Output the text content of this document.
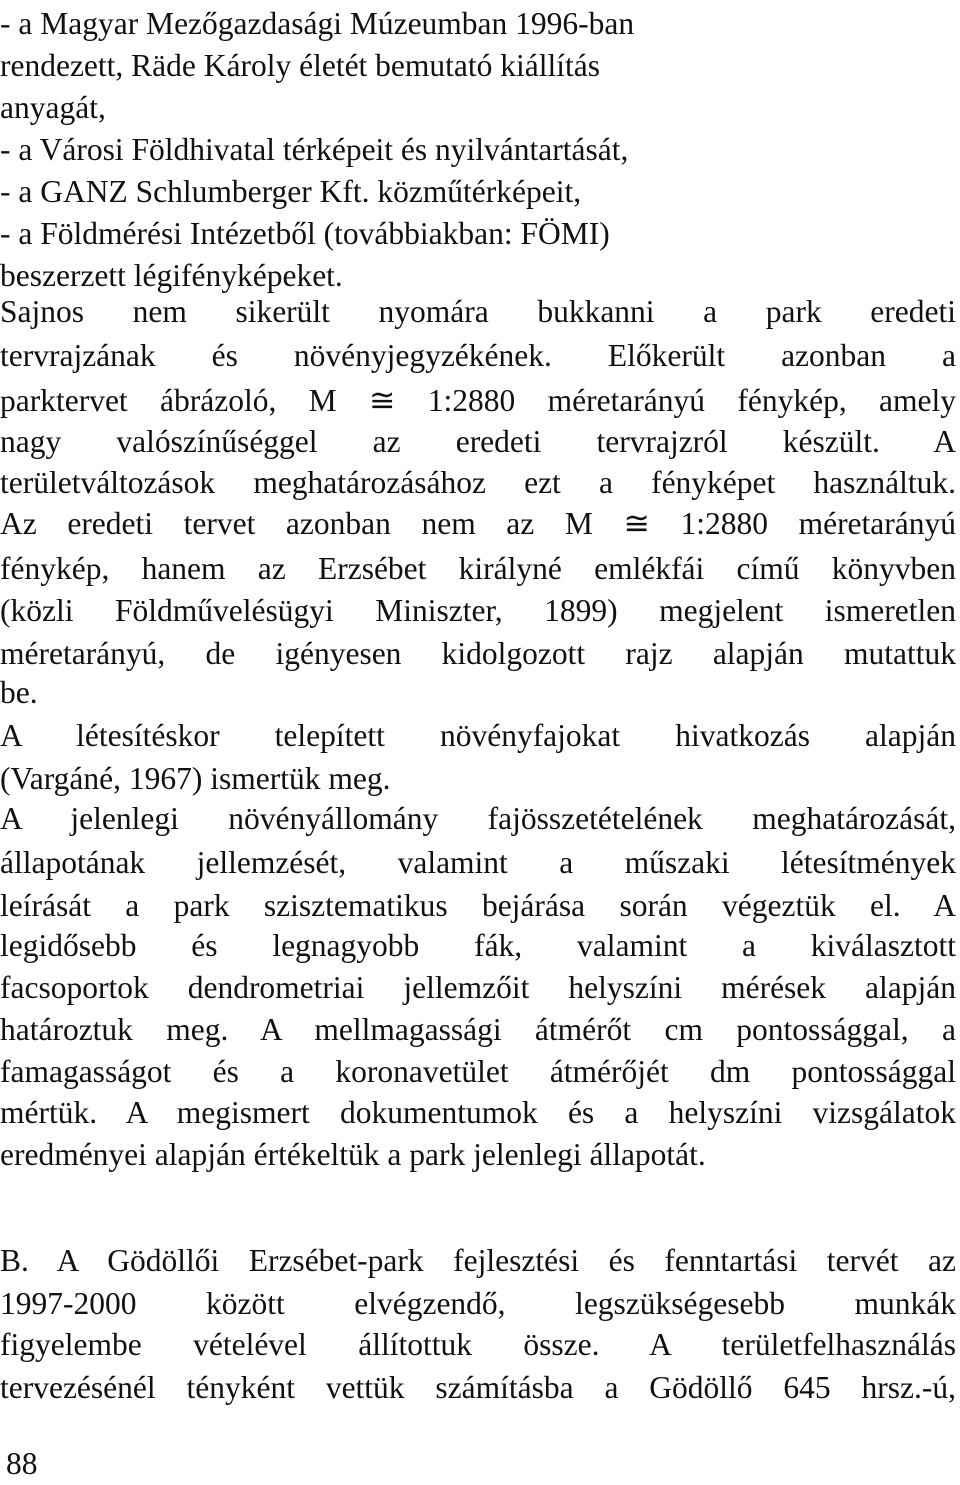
- a Magyar Mezőgazdasági Múzeumban 1996-ban
rendezett, Räde Károly életét bemutató kiállítás
anyagát,
- a Városi Földhivatal térképeit és nyilvántartását,
- a GANZ Schlumberger Kft. közműtérképeit,
- a Földmérési Intézetből (továbbiakban: FÖMI)
beszerzett légifényképeket.
Sajnos nem sikerült nyomára bukkanni a park eredeti
tervrajzának és növényjegyzékének. Előkerült azonban a
parktervet ábrázoló, M ≅ 1:2880 méretarányú fénykép, amely
nagy valószínűséggel az eredeti tervrajzról készült. A
területváltozások meghatározásához ezt a fényképet használtuk.
Az eredeti tervet azonban nem az M ≅ 1:2880 méretarányú
fénykép, hanem az Erzsébet királyné emlékfái című könyvben
(közli Földművelésügyi Miniszter, 1899) megjelent ismeretlen
méretarányú, de igényesen kidolgozott rajz alapján mutattuk
be.
A létesítéskor telepített növényfajokat hivatkozás alapján
(Vargáné, 1967) ismertük meg.
A jelenlegi növényállomány fajösszetételének meghatározását,
állapotának jellemzését, valamint a műszaki létesítmények
leírását a park szisztematikus bejárása során végeztük el. A
legidősebb és legnagyobb fák, valamint a kiválasztott
facsoportok dendrometriai jellemzőit helyszíni mérések alapján
határoztuk meg. A mellmagassági átmérőt cm pontossággal, a
famagasságot és a koronavetület átmérőjét dm pontossággal
mértük. A megismert dokumentumok és a helyszíni vizsgálatok
eredményei alapján értékeltük a park jelenlegi állapotát.
B. A Gödöllői Erzsébet-park fejlesztési és fenntartási tervét az
1997-2000 között elvégzendő, legszükségesebb munkák
figyelembe vételével állítottuk össze. A területfelhasználás
tervezésénél tényként vettük számításba a Gödöllő 645 hrsz.-ú,
88
